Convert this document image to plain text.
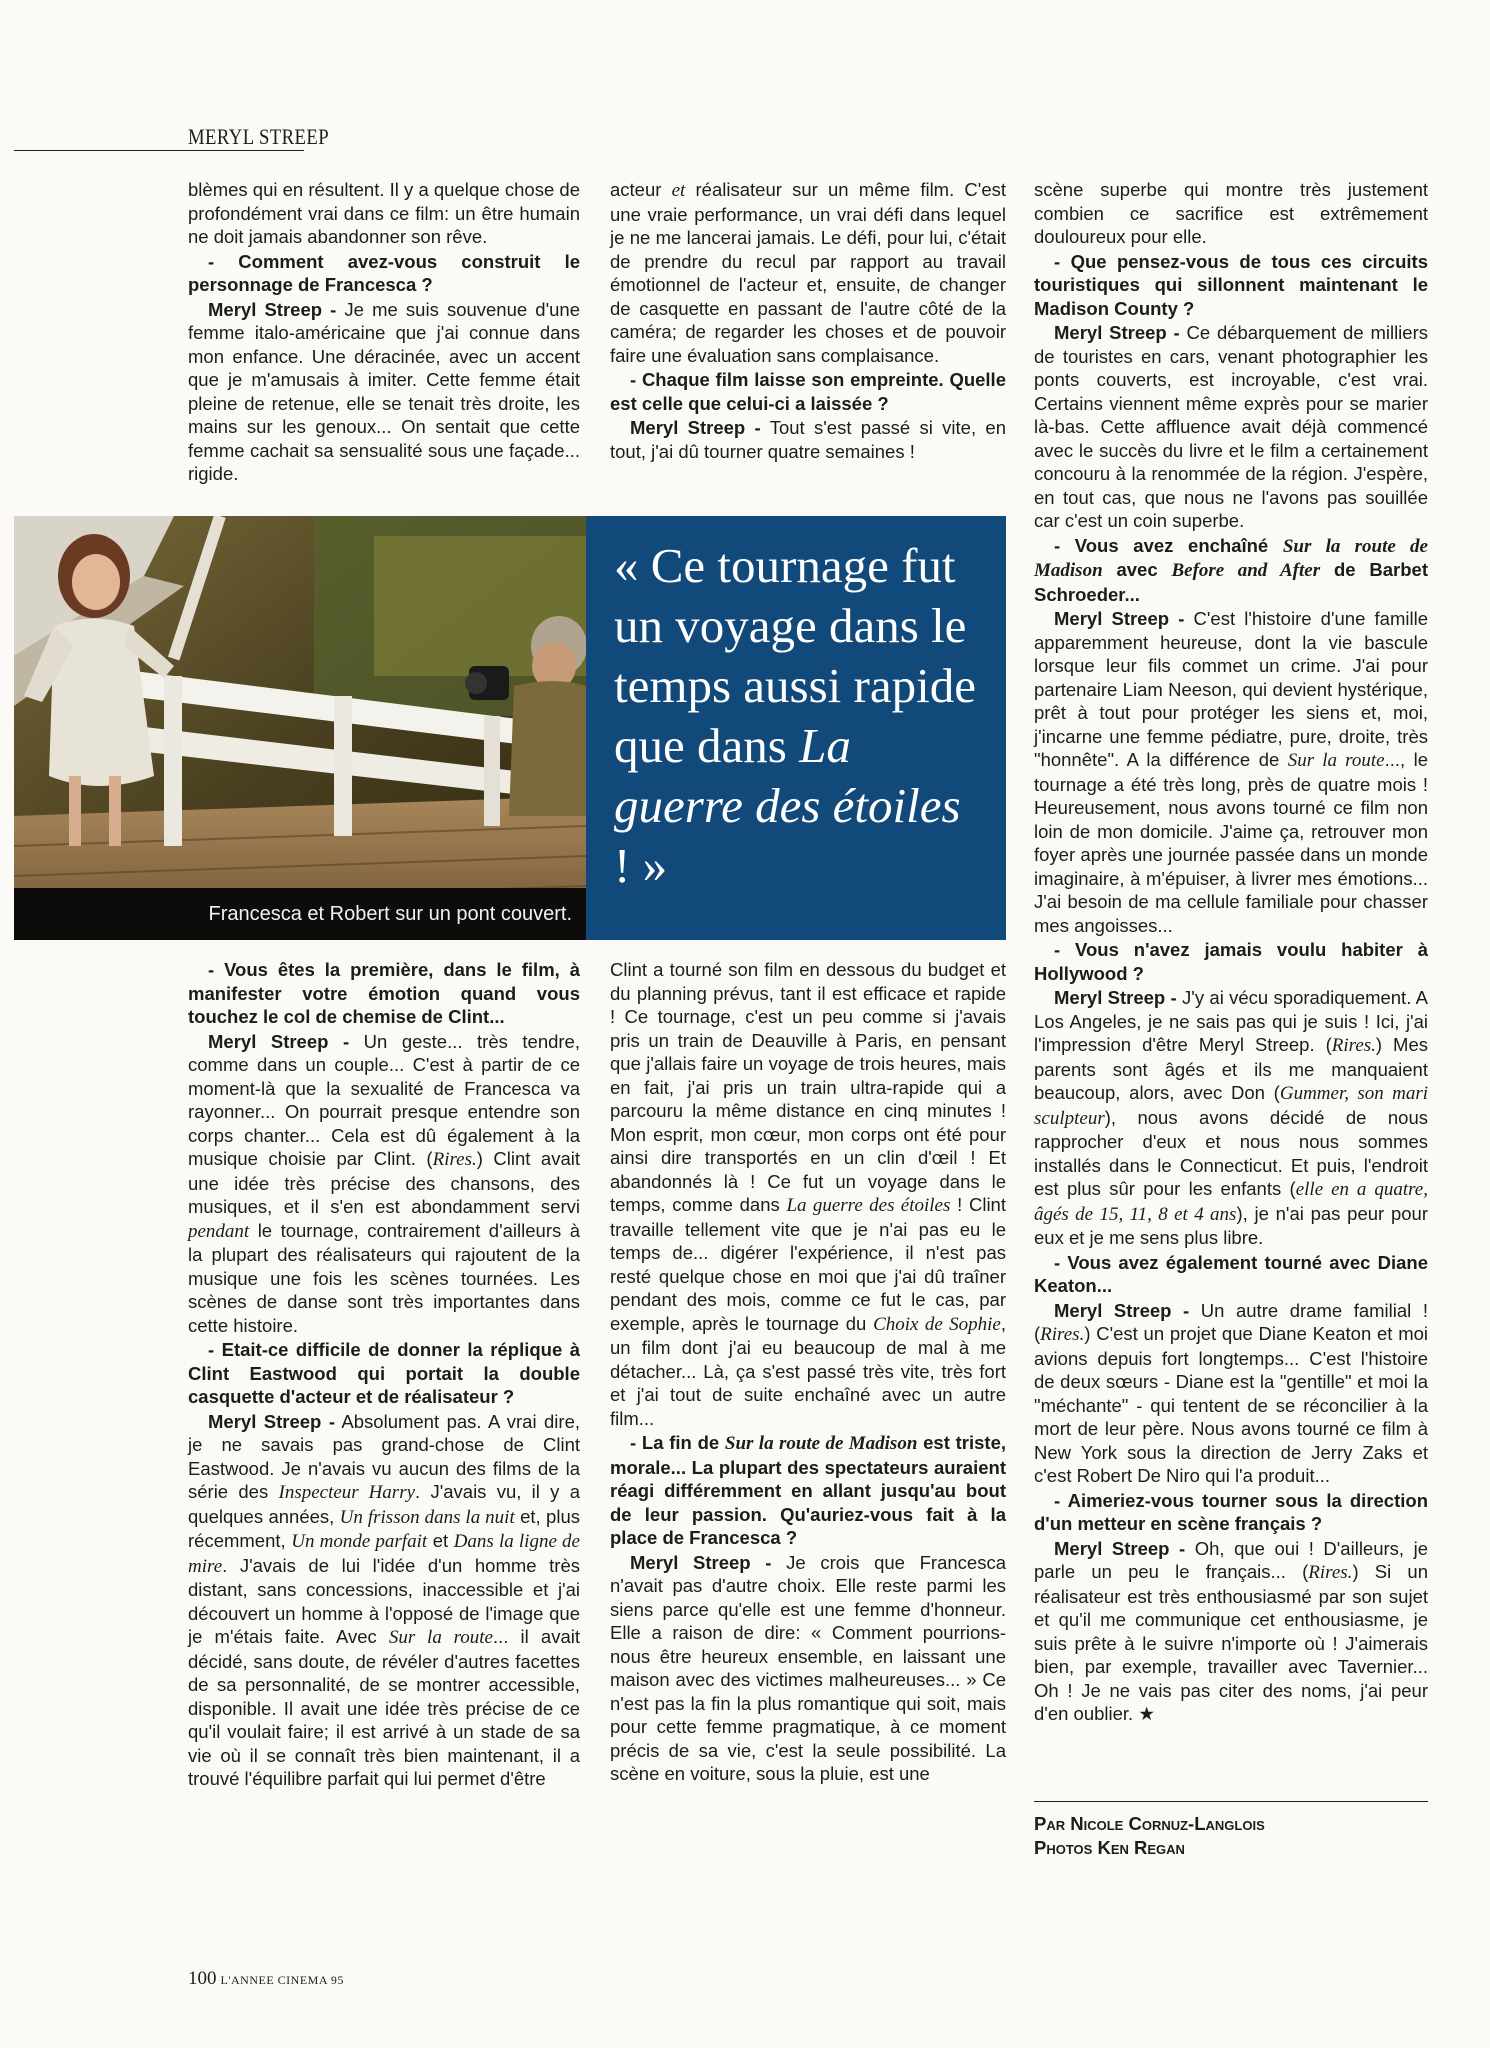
MERYL STREEP

blèmes qui en résultent. Il y a quelque chose de profondément vrai dans ce film: un être humain ne doit jamais abandonner son rêve.

- Comment avez-vous construit le personnage de Francesca ?

Meryl Streep - Je me suis souvenue d'une femme italo-américaine que j'ai connue dans mon enfance. Une déracinée, avec un accent que je m'amusais à imiter. Cette femme était pleine de retenue, elle se tenait très droite, les mains sur les genoux... On sentait que cette femme cachait sa sensualité sous une façade... rigide.

acteur et réalisateur sur un même film. C'est une vraie performance, un vrai défi dans lequel je ne me lancerai jamais. Le défi, pour lui, c'était de prendre du recul par rapport au travail émotionnel de l'acteur et, ensuite, de changer de casquette en passant de l'autre côté de la caméra; de regarder les choses et de pouvoir faire une évaluation sans complaisance.

- Chaque film laisse son empreinte. Quelle est celle que celui-ci a laissée ?

Meryl Streep - Tout s'est passé si vite, en tout, j'ai dû tourner quatre semaines !

Francesca et Robert sur un pont couvert.
« Ce tournage fut un voyage dans le temps aussi rapide que dans La guerre des étoiles ! »

- Vous êtes la première, dans le film, à manifester votre émotion quand vous touchez le col de chemise de Clint...

Meryl Streep - Un geste... très tendre, comme dans un couple... C'est à partir de ce moment-là que la sexualité de Francesca va rayonner... On pourrait presque entendre son corps chanter... Cela est dû également à la musique choisie par Clint. (Rires.) Clint avait une idée très précise des chansons, des musiques, et il s'en est abondamment servi pendant le tournage, contrairement d'ailleurs à la plupart des réalisateurs qui rajoutent de la musique une fois les scènes tournées. Les scènes de danse sont très importantes dans cette histoire.

- Etait-ce difficile de donner la réplique à Clint Eastwood qui portait la double casquette d'acteur et de réalisateur ?

Meryl Streep - Absolument pas. A vrai dire, je ne savais pas grand-chose de Clint Eastwood. Je n'avais vu aucun des films de la série des Inspecteur Harry. J'avais vu, il y a quelques années, Un frisson dans la nuit et, plus récemment, Un monde parfait et Dans la ligne de mire. J'avais de lui l'idée d'un homme très distant, sans concessions, inaccessible et j'ai découvert un homme à l'opposé de l'image que je m'étais faite. Avec Sur la route... il avait décidé, sans doute, de révéler d'autres facettes de sa personnalité, de se montrer accessible, disponible. Il avait une idée très précise de ce qu'il voulait faire; il est arrivé à un stade de sa vie où il se connaît très bien maintenant, il a trouvé l'équilibre parfait qui lui permet d'être

Clint a tourné son film en dessous du budget et du planning prévus, tant il est efficace et rapide ! Ce tournage, c'est un peu comme si j'avais pris un train de Deauville à Paris, en pensant que j'allais faire un voyage de trois heures, mais en fait, j'ai pris un train ultra-rapide qui a parcouru la même distance en cinq minutes ! Mon esprit, mon cœur, mon corps ont été pour ainsi dire transportés en un clin d'œil ! Et abandonnés là ! Ce fut un voyage dans le temps, comme dans La guerre des étoiles ! Clint travaille tellement vite que je n'ai pas eu le temps de... digérer l'expérience, il n'est pas resté quelque chose en moi que j'ai dû traîner pendant des mois, comme ce fut le cas, par exemple, après le tournage du Choix de Sophie, un film dont j'ai eu beaucoup de mal à me détacher... Là, ça s'est passé très vite, très fort et j'ai tout de suite enchaîné avec un autre film...

- La fin de Sur la route de Madison est triste, morale... La plupart des spectateurs auraient réagi différemment en allant jusqu'au bout de leur passion. Qu'auriez-vous fait à la place de Francesca ?

Meryl Streep - Je crois que Francesca n'avait pas d'autre choix. Elle reste parmi les siens parce qu'elle est une femme d'honneur. Elle a raison de dire: « Comment pourrions-nous être heureux ensemble, en laissant une maison avec des victimes malheureuses... » Ce n'est pas la fin la plus romantique qui soit, mais pour cette femme pragmatique, à ce moment précis de sa vie, c'est la seule possibilité. La scène en voiture, sous la pluie, est une

scène superbe qui montre très justement combien ce sacrifice est extrêmement douloureux pour elle.

- Que pensez-vous de tous ces circuits touristiques qui sillonnent maintenant le Madison County ?

Meryl Streep - Ce débarquement de milliers de touristes en cars, venant photographier les ponts couverts, est incroyable, c'est vrai. Certains viennent même exprès pour se marier là-bas. Cette affluence avait déjà commencé avec le succès du livre et le film a certainement concouru à la renommée de la région. J'espère, en tout cas, que nous ne l'avons pas souillée car c'est un coin superbe.

- Vous avez enchaîné Sur la route de Madison avec Before and After de Barbet Schroeder...

Meryl Streep - C'est l'histoire d'une famille apparemment heureuse, dont la vie bascule lorsque leur fils commet un crime. J'ai pour partenaire Liam Neeson, qui devient hystérique, prêt à tout pour protéger les siens et, moi, j'incarne une femme pédiatre, pure, droite, très "honnête". A la différence de Sur la route..., le tournage a été très long, près de quatre mois ! Heureusement, nous avons tourné ce film non loin de mon domicile. J'aime ça, retrouver mon foyer après une journée passée dans un monde imaginaire, à m'épuiser, à livrer mes émotions... J'ai besoin de ma cellule familiale pour chasser mes angoisses...

- Vous n'avez jamais voulu habiter à Hollywood ?

Meryl Streep - J'y ai vécu sporadiquement. A Los Angeles, je ne sais pas qui je suis ! Ici, j'ai l'impression d'être Meryl Streep. (Rires.) Mes parents sont âgés et ils me manquaient beaucoup, alors, avec Don (Gummer, son mari sculpteur), nous avons décidé de nous rapprocher d'eux et nous nous sommes installés dans le Connecticut. Et puis, l'endroit est plus sûr pour les enfants (elle en a quatre, âgés de 15, 11, 8 et 4 ans), je n'ai pas peur pour eux et je me sens plus libre.

- Vous avez également tourné avec Diane Keaton...

Meryl Streep - Un autre drame familial ! (Rires.) C'est un projet que Diane Keaton et moi avions depuis fort longtemps... C'est l'histoire de deux sœurs - Diane est la "gentille" et moi la "méchante" - qui tentent de se réconcilier à la mort de leur père. Nous avons tourné ce film à New York sous la direction de Jerry Zaks et c'est Robert De Niro qui l'a produit...

- Aimeriez-vous tourner sous la direction d'un metteur en scène français ?

Meryl Streep - Oh, que oui ! D'ailleurs, je parle un peu le français... (Rires.) Si un réalisateur est très enthousiasmé par son sujet et qu'il me communique cet enthousiasme, je suis prête à le suivre n'importe où ! J'aimerais bien, par exemple, travailler avec Tavernier... Oh ! Je ne vais pas citer des noms, j'ai peur d'en oublier. ★

Par Nicole Cornuz-Langlois
Photos Ken Regan
100 L'ANNEE CINEMA 95
